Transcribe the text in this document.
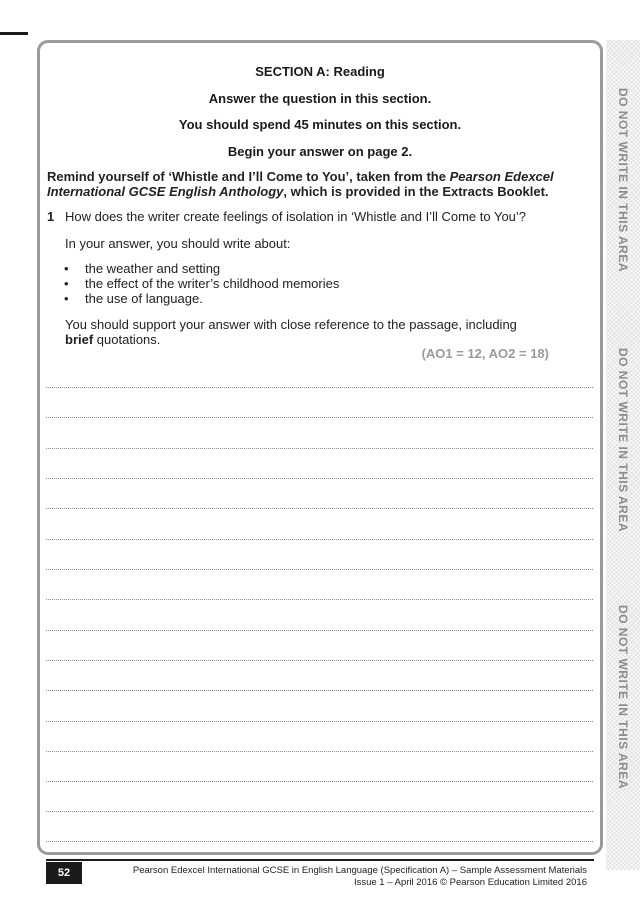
DO NOT WRITE IN THIS AREA
DO NOT WRITE IN THIS AREA
DO NOT WRITE IN THIS AREA
SECTION A: Reading
Answer the question in this section.
You should spend 45 minutes on this section.
Begin your answer on page 2.
Remind yourself of ‘Whistle and I’ll Come to You’, taken from the Pearson Edexcel
International GCSE English Anthology, which is provided in the Extracts Booklet.
1 How does the writer create feelings of isolation in ‘Whistle and I’ll Come to You’?
In your answer, you should write about:
• the weather and setting
• the effect of the writer’s childhood memories
• the use of language.
You should support your answer with close reference to the passage, including
brief quotations.
(AO1 = 12, AO2 = 18)
52	Pearson Edexcel International GCSE in English Language (Specification A) – Sample Assessment Materials
Issue 1 – April 2016 © Pearson Education Limited 2016
